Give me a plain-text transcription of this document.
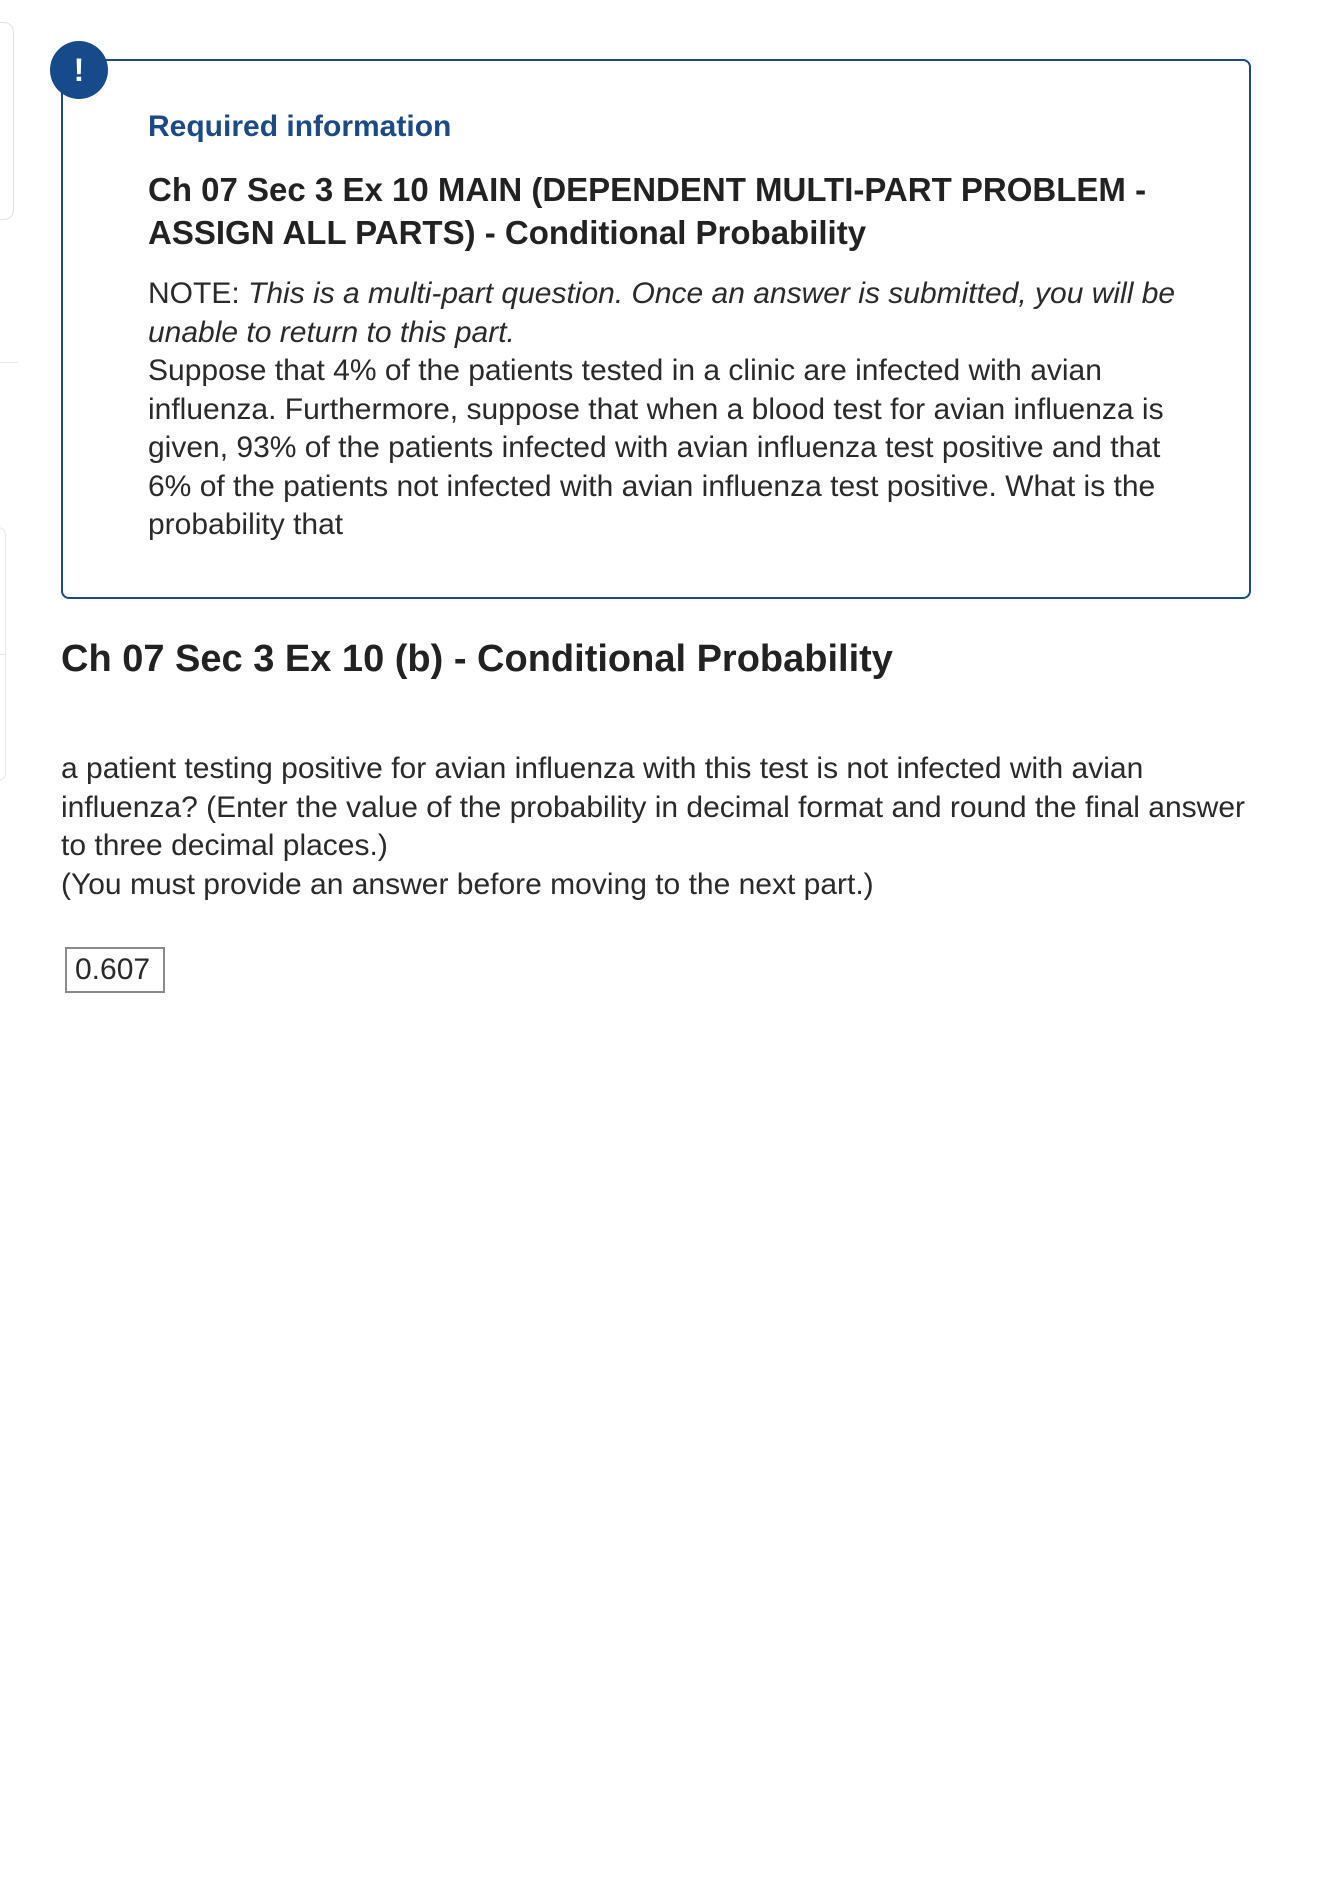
!
Required information
Ch 07 Sec 3 Ex 10 MAIN (DEPENDENT MULTI-PART PROBLEM - ASSIGN ALL PARTS) - Conditional Probability

NOTE: This is a multi-part question. Once an answer is submitted, you will be unable to return to this part.

Suppose that 4% of the patients tested in a clinic are infected with avian influenza. Furthermore, suppose that when a blood test for avian influenza is given, 93% of the patients infected with avian influenza test positive and that 6% of the patients not infected with avian influenza test positive. What is the probability that

Ch 07 Sec 3 Ex 10 (b) - Conditional Probability
a patient testing positive for avian influenza with this test is not infected with avian influenza? (Enter the value of the probability in decimal format and round the final answer to three decimal places.)
(You must provide an answer before moving to the next part.)
0.607
